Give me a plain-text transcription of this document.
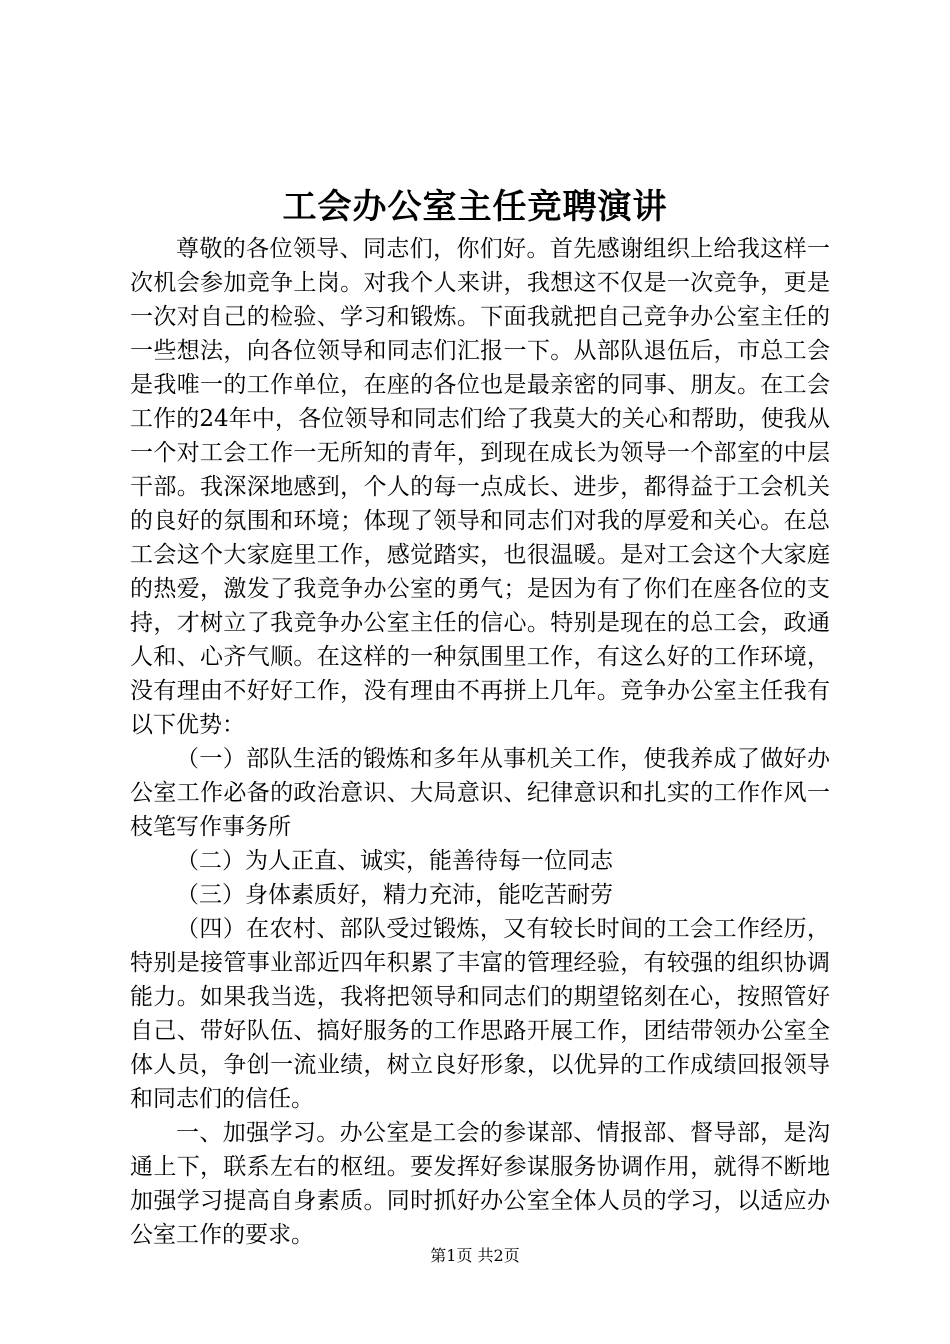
工会办公室主任竞聘演讲

尊敬的各位领导、同志们，你们好。首先感谢组织上给我这样一次机会参加竞争上岗。对我个人来讲，我想这不仅是一次竞争，更是一次对自己的检验、学习和锻炼。下面我就把自己竞争办公室主任的一些想法，向各位领导和同志们汇报一下。从部队退伍后，市总工会是我唯一的工作单位，在座的各位也是最亲密的同事、朋友。在工会工作的24年中，各位领导和同志们给了我莫大的关心和帮助，使我从一个对工会工作一无所知的青年，到现在成长为领导一个部室的中层干部。我深深地感到，个人的每一点成长、进步，都得益于工会机关的良好的氛围和环境；体现了领导和同志们对我的厚爱和关心。在总工会这个大家庭里工作，感觉踏实，也很温暖。是对工会这个大家庭的热爱，激发了我竞争办公室的勇气；是因为有了你们在座各位的支持，才树立了我竞争办公室主任的信心。特别是现在的总工会，政通人和、心齐气顺。在这样的一种氛围里工作，有这么好的工作环境，没有理由不好好工作，没有理由不再拼上几年。竞争办公室主任我有以下优势：

（一）部队生活的锻炼和多年从事机关工作，使我养成了做好办公室工作必备的政治意识、大局意识、纪律意识和扎实的工作作风一枝笔写作事务所

（二）为人正直、诚实，能善待每一位同志

（三）身体素质好，精力充沛，能吃苦耐劳

（四）在农村、部队受过锻炼，又有较长时间的工会工作经历，特别是接管事业部近四年积累了丰富的管理经验，有较强的组织协调能力。如果我当选，我将把领导和同志们的期望铭刻在心，按照管好自己、带好队伍、搞好服务的工作思路开展工作，团结带领办公室全体人员，争创一流业绩，树立良好形象，以优异的工作成绩回报领导和同志们的信任。

一、加强学习。办公室是工会的参谋部、情报部、督导部，是沟通上下，联系左右的枢纽。要发挥好参谋服务协调作用，就得不断地加强学习提高自身素质。同时抓好办公室全体人员的学习，以适应办公室工作的要求。

第1页 共2页
